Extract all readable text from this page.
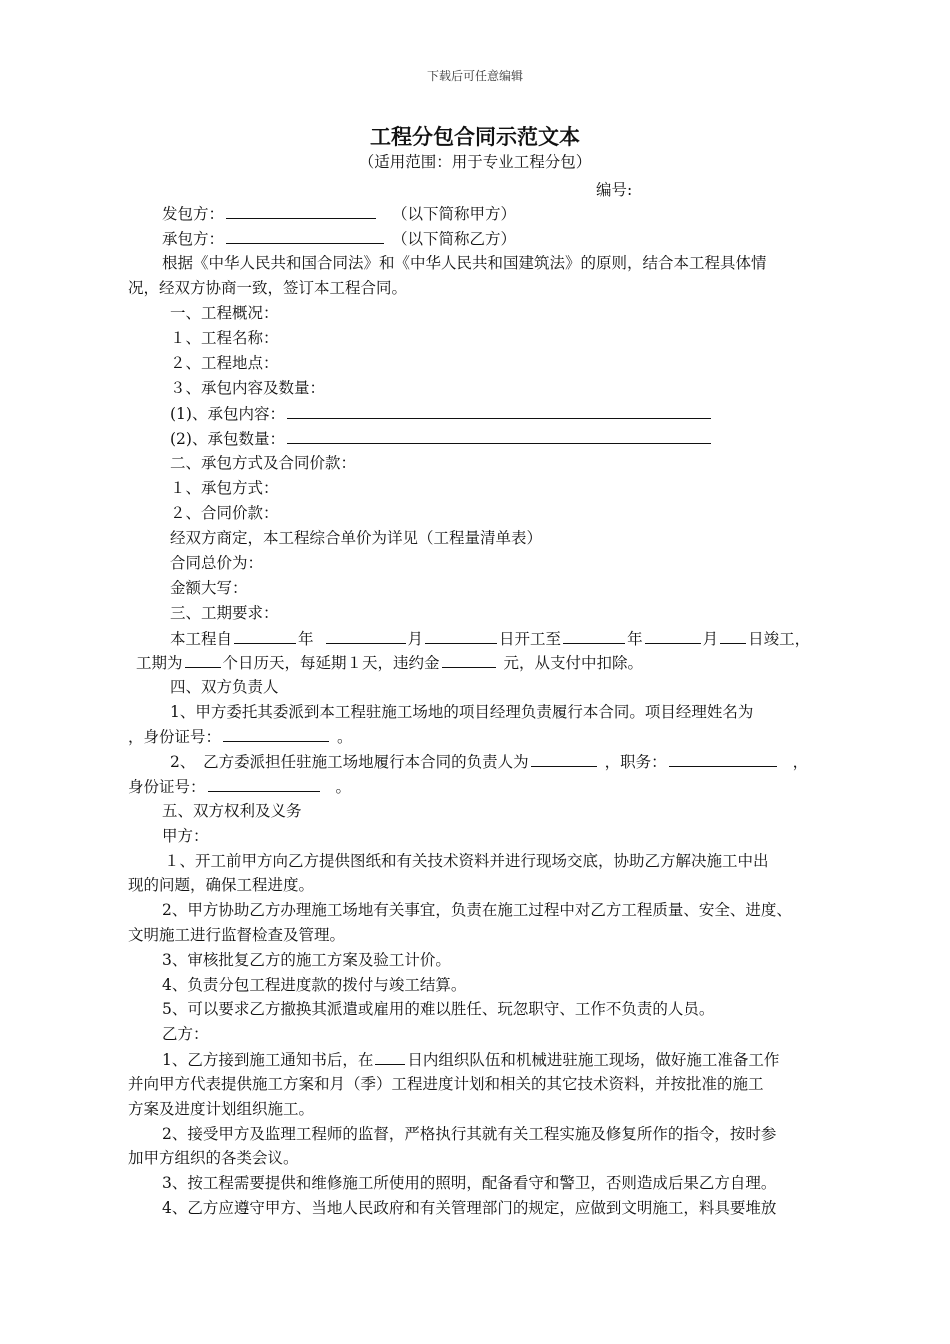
下载后可任意编辑
工程分包合同示范文本
（适用范围：用于专业工程分包）
编号:
发包方：	（以下简称甲方）
承包方：	（以下简称乙方）
根据《中华人民共和国合同法》和《中华人民共和国建筑法》的原则，结合本工程具体情
况，经双方协商一致，签订本工程合同。
一、工程概况：
１、工程名称：
２、工程地点：
３、承包内容及数量：
(1)、承包内容：
(2)、承包数量：
二、承包方式及合同价款：
１、承包方式：
２、合同价款：
经双方商定，本工程综合单价为详见（工程量清单表）
合同总价为：
金额大写：
三、工期要求：
本工程自	年	月	日开工至	年	月 日竣工，
工期为	个日历天，每延期１天，违约金	元，从支付中扣除。
四、双方负责人
1、甲方委托其委派到本工程驻施工场地的项目经理负责履行本合同。项目经理姓名为
，身份证号：	。
2、　乙方委派担任驻施工场地履行本合同的负责人为	，职务：	，
身份证号：	。
五、双方权利及义务
甲方：
１、开工前甲方向乙方提供图纸和有关技术资料并进行现场交底，协助乙方解决施工中出
现的问题，确保工程进度。
2、甲方协助乙方办理施工场地有关事宜，负责在施工过程中对乙方工程质量、安全、进度、
文明施工进行监督检查及管理。
3、审核批复乙方的施工方案及验工计价。
4、负责分包工程进度款的拨付与竣工结算。
5、可以要求乙方撤换其派遣或雇用的难以胜任、玩忽职守、工作不负责的人员。
乙方：
1、乙方接到施工通知书后，在 日内组织队伍和机械进驻施工现场，做好施工准备工作
并向甲方代表提供施工方案和月（季）工程进度计划和相关的其它技术资料，并按批准的施工
方案及进度计划组织施工。
2、接受甲方及监理工程师的监督，严格执行其就有关工程实施及修复所作的指令，按时参
加甲方组织的各类会议。
3、按工程需要提供和维修施工所使用的照明，配备看守和警卫，否则造成后果乙方自理。
4、乙方应遵守甲方、当地人民政府和有关管理部门的规定，应做到文明施工，料具要堆放
